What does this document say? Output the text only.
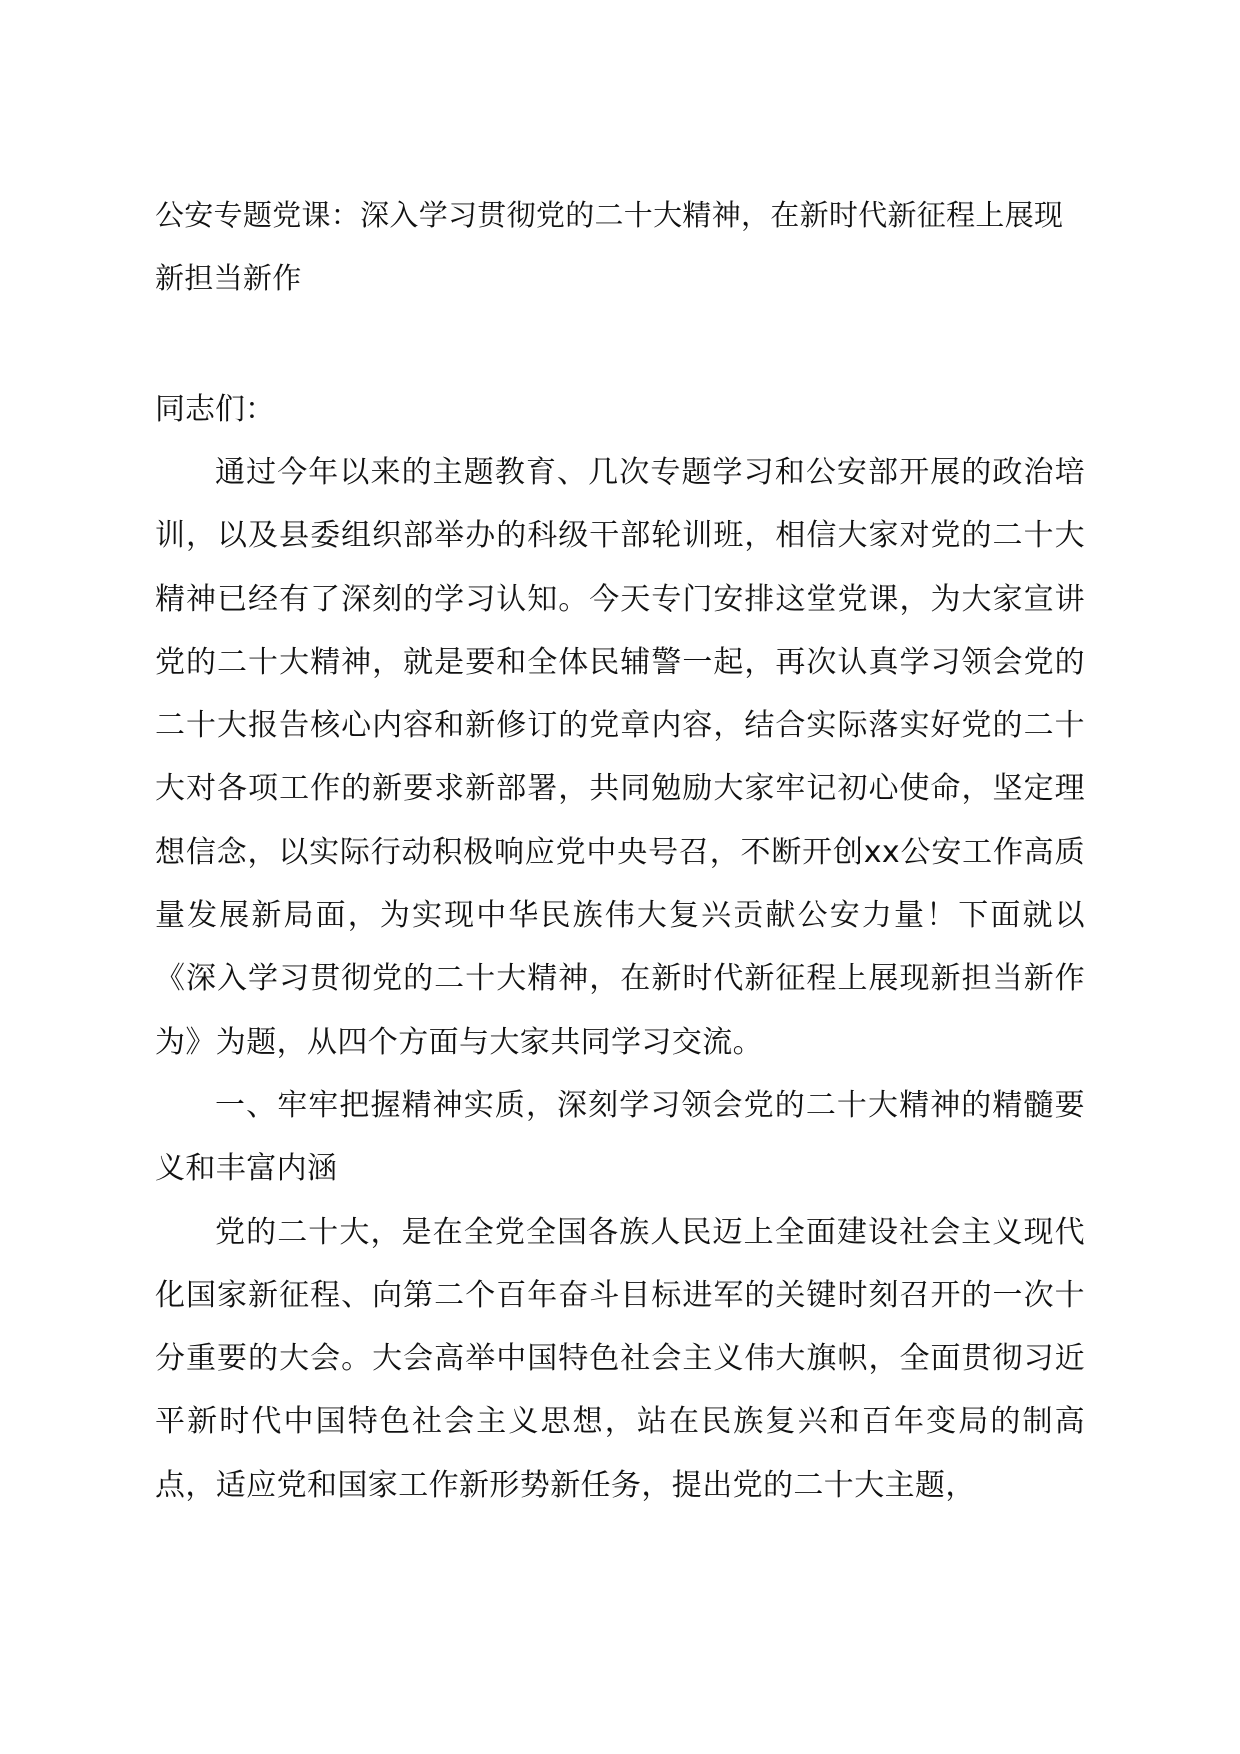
公安专题党课：深入学习贯彻党的二十大精神，在新时代新征程上展现新担当新作

同志们：

通过今年以来的主题教育、几次专题学习和公安部开展的政治培训，以及县委组织部举办的科级干部轮训班，相信大家对党的二十大精神已经有了深刻的学习认知。今天专门安排这堂党课，为大家宣讲党的二十大精神，就是要和全体民辅警一起，再次认真学习领会党的二十大报告核心内容和新修订的党章内容，结合实际落实好党的二十大对各项工作的新要求新部署，共同勉励大家牢记初心使命，坚定理想信念，以实际行动积极响应党中央号召，不断开创xx公安工作高质量发展新局面，为实现中华民族伟大复兴贡献公安力量！下面就以《深入学习贯彻党的二十大精神，在新时代新征程上展现新担当新作为》为题，从四个方面与大家共同学习交流。

一、牢牢把握精神实质，深刻学习领会党的二十大精神的精髓要义和丰富内涵

党的二十大，是在全党全国各族人民迈上全面建设社会主义现代化国家新征程、向第二个百年奋斗目标进军的关键时刻召开的一次十分重要的大会。大会高举中国特色社会主义伟大旗帜，全面贯彻习近平新时代中国特色社会主义思想，站在民族复兴和百年变局的制高点，适应党和国家工作新形势新任务，提出党的二十大主题，
